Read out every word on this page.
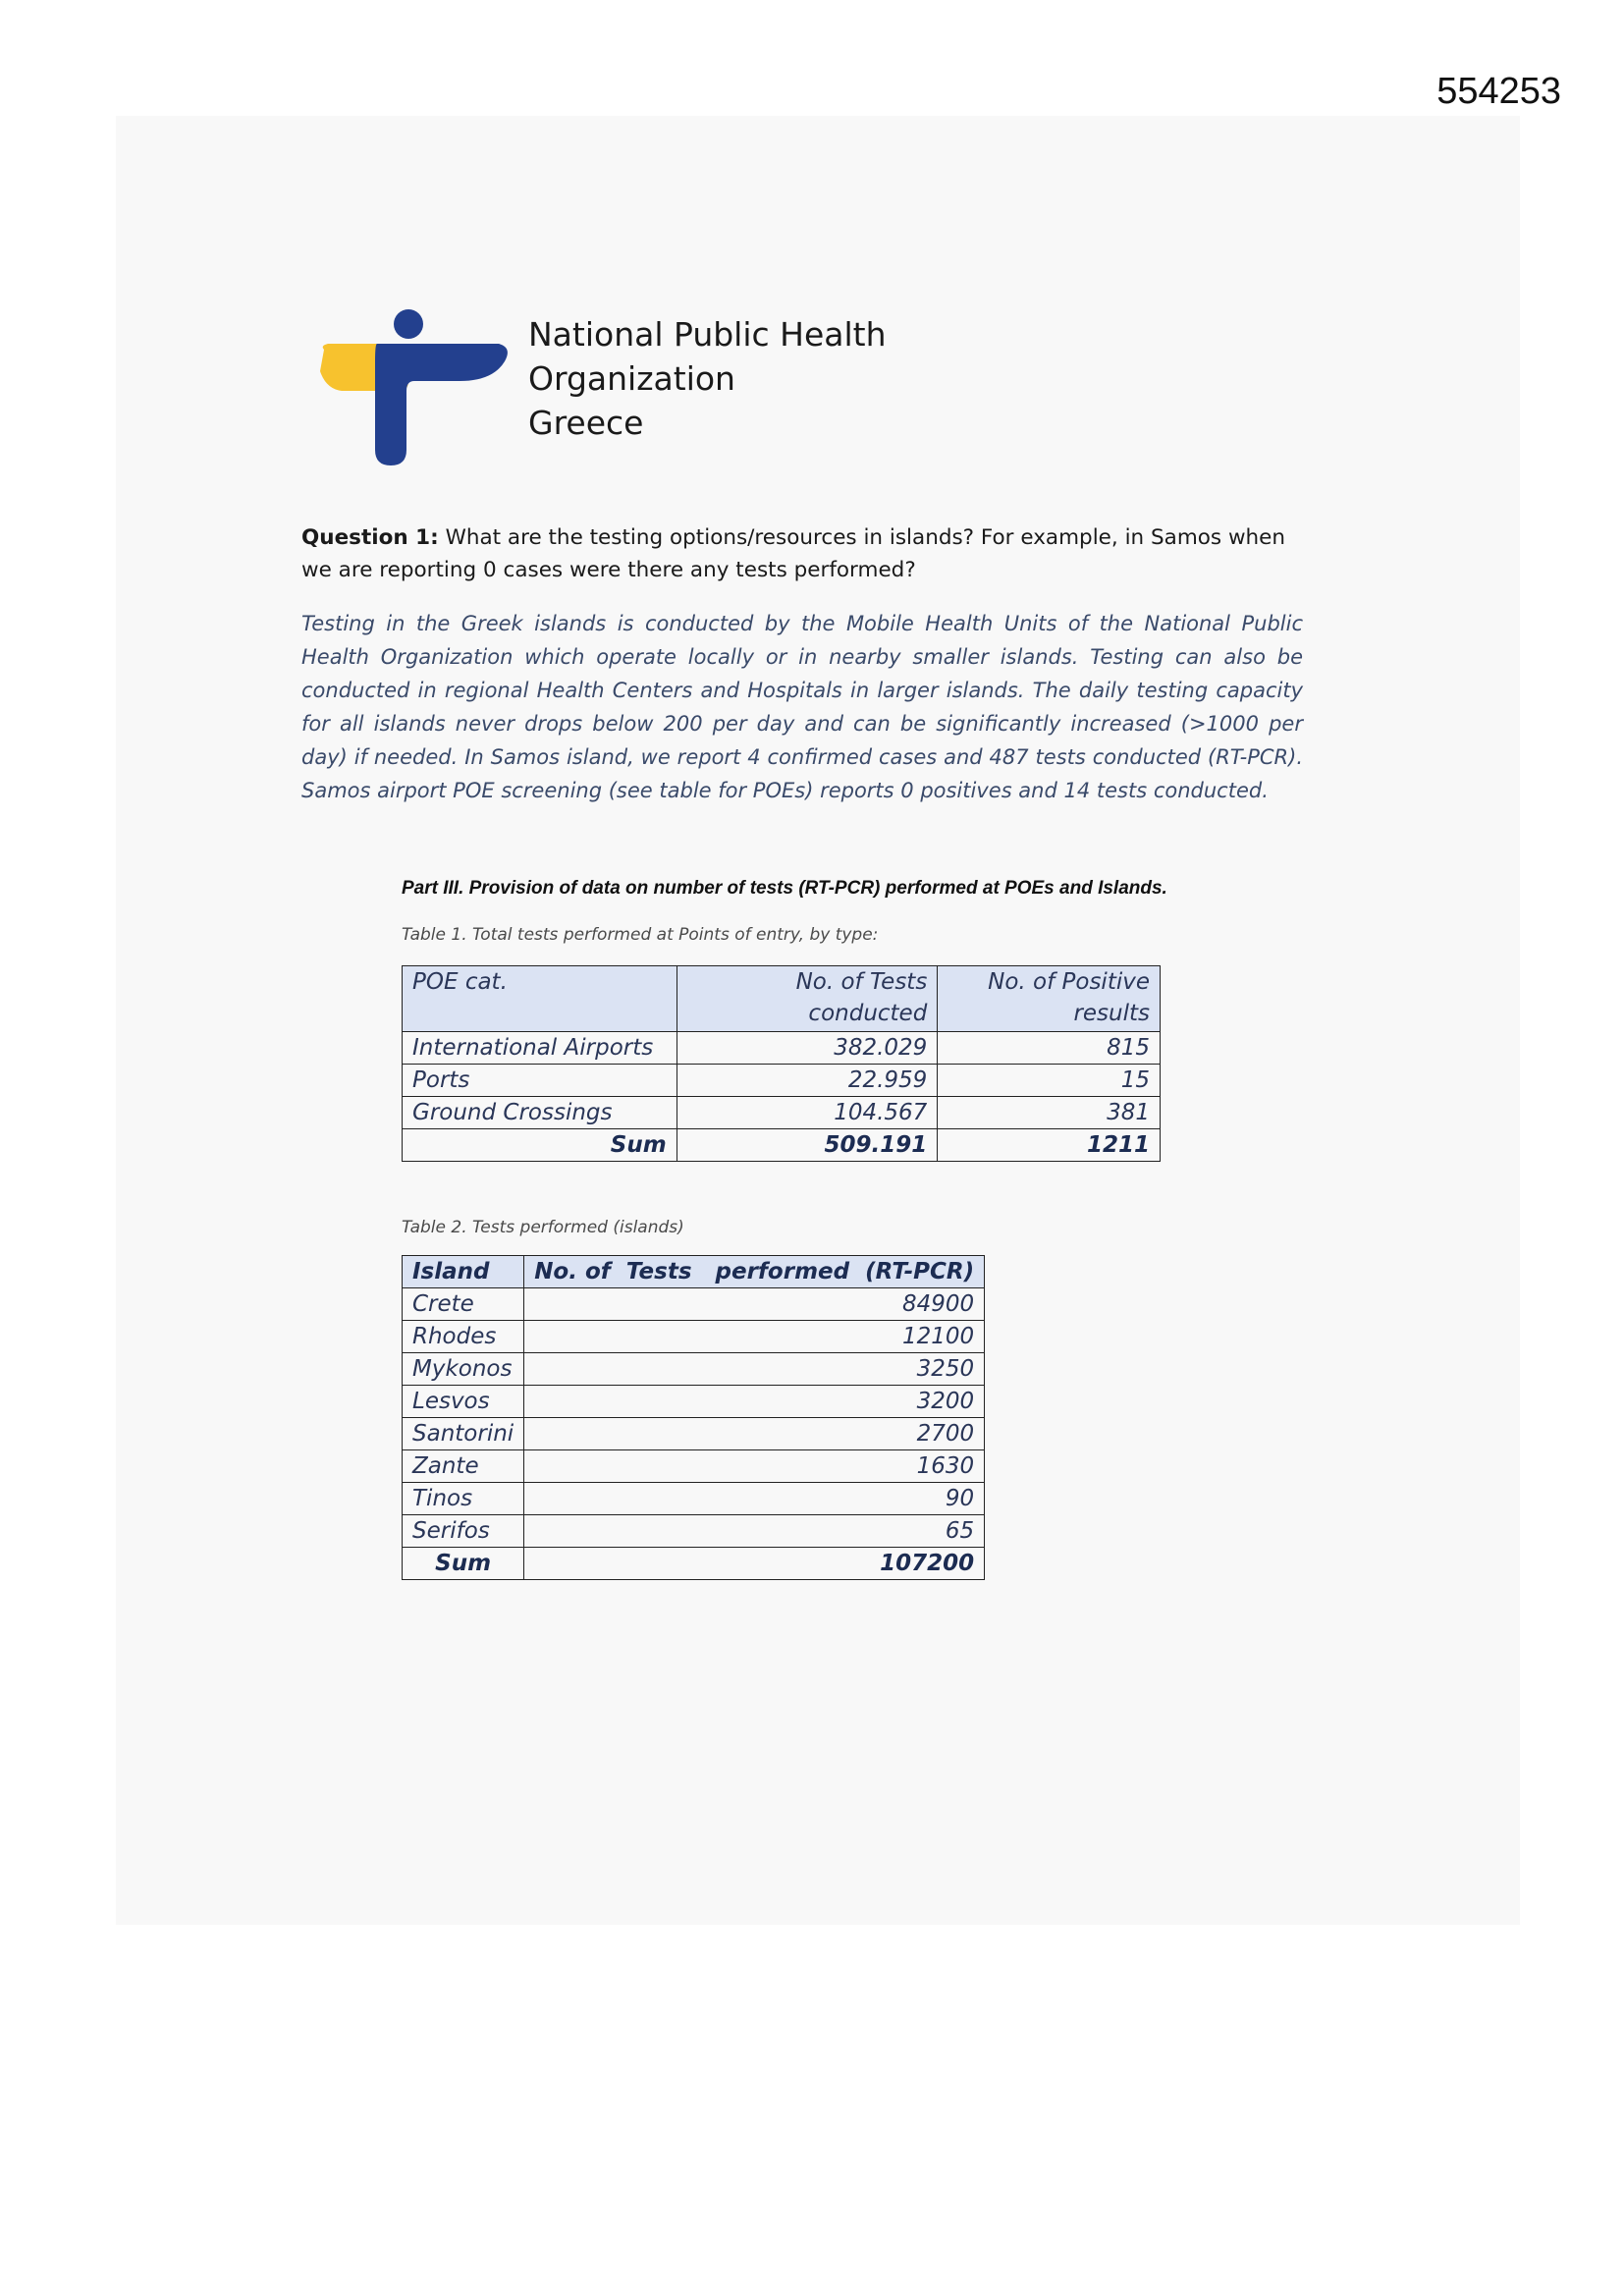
554253
National Public Health
Organization
Greece
Question 1: What are the testing options/resources in islands? For example, in Samos when we are reporting 0 cases were there any tests performed?
Testing in the Greek islands is conducted by the Mobile Health Units of the National Public Health Organization which operate locally or in nearby smaller islands. Testing can also be conducted in regional Health Centers and Hospitals in larger islands. The daily testing capacity for all islands never drops below 200 per day and can be significantly increased (>1000 per day) if needed. In Samos island, we report 4 confirmed cases and 487 tests conducted (RT-PCR). Samos airport POE screening (see table for POEs) reports 0 positives and 14 tests conducted.
Part III. Provision of data on number of tests (RT-PCR) performed at POEs and Islands.
Table 1. Total tests performed at Points of entry, by type:
POE cat.	No. of Tests conducted	No. of Positive results
International Airports	382.029	815
Ports	22.959	15
Ground Crossings	104.567	381
Sum	509.191	1211
Table 2. Tests performed (islands)
Island	No. of  Tests   performed  (RT-PCR)
Crete	84900
Rhodes	12100
Mykonos	3250
Lesvos	3200
Santorini	2700
Zante	1630
Tinos	90
Serifos	65
Sum	107200
